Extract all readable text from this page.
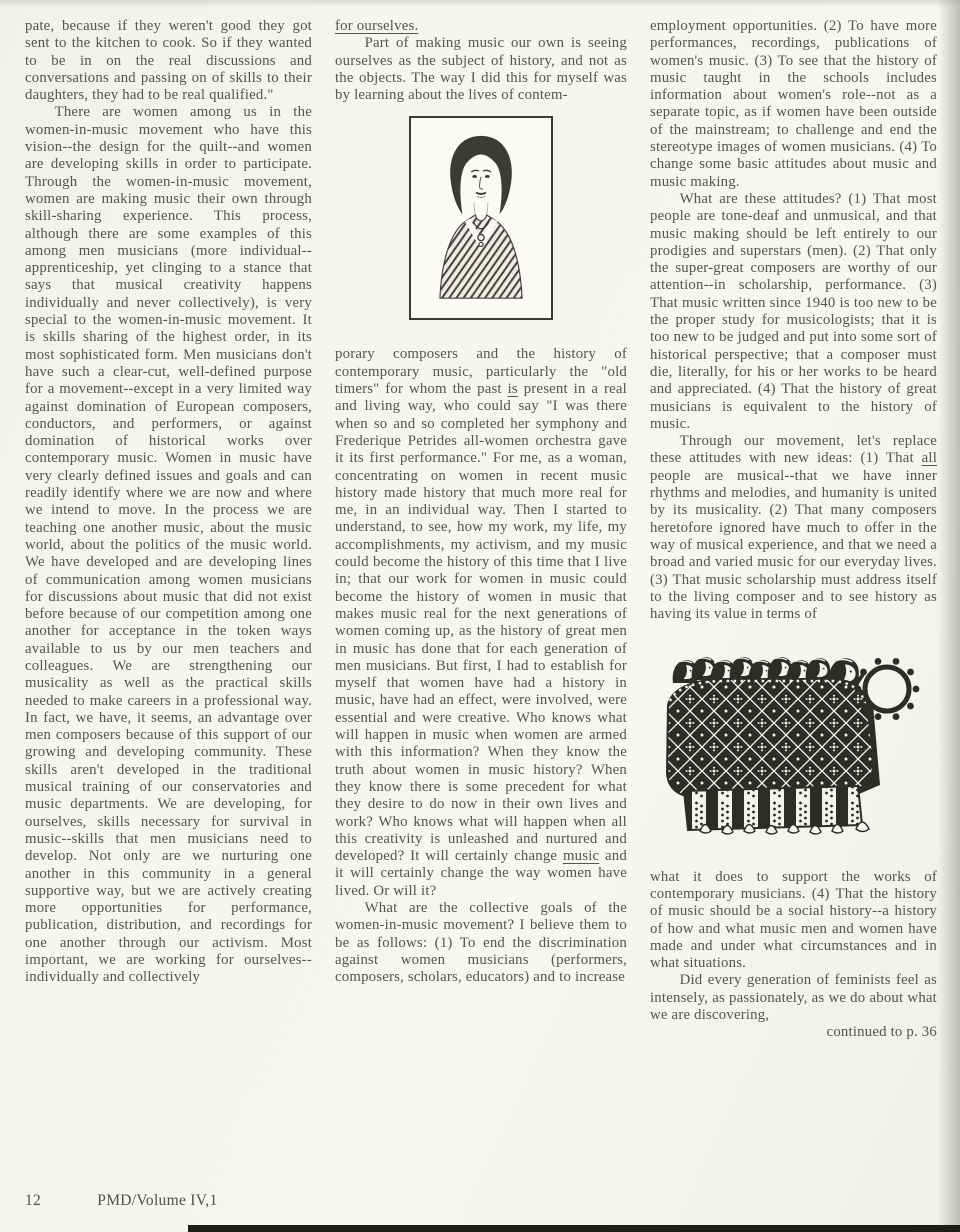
pate, because if they weren't good they got sent to the kitchen to cook. So if they wanted to be in on the real discussions and conversations and passing on of skills to their daughters, they had to be real qualified."

There are women among us in the women-in-music movement who have this vision--the design for the quilt--and women are developing skills in order to participate. Through the women-in-music movement, women are making music their own through skill-sharing experience. This process, although there are some examples of this among men musicians (more individual--apprenticeship, yet clinging to a stance that says that musical creativity happens individually and never collectively), is very special to the women-in-music movement. It is skills sharing of the highest order, in its most sophisticated form. Men musicians don't have such a clear-cut, well-defined purpose for a movement--except in a very limited way against domination of European composers, conductors, and performers, or against domination of historical works over contemporary music. Women in music have very clearly defined issues and goals and can readily identify where we are now and where we intend to move. In the process we are teaching one another music, about the music world, about the politics of the music world. We have developed and are developing lines of communication among women musicians for discussions about music that did not exist before because of our competition among one another for acceptance in the token ways available to us by our men teachers and colleagues. We are strengthening our musicality as well as the practical skills needed to make careers in a professional way. In fact, we have, it seems, an advantage over men composers because of this support of our growing and developing community. These skills aren't developed in the traditional musical training of our conservatories and music departments. We are developing, for ourselves, skills necessary for survival in music--skills that men musicians need to develop. Not only are we nurturing one another in this community in a general supportive way, but we are actively creating more opportunities for performance, publication, distribution, and recordings for one another through our activism. Most important, we are working for ourselves--individually and collectively

for ourselves.

Part of making music our own is seeing ourselves as the subject of history, and not as the objects. The way I did this for myself was by learning about the lives of contem-

porary composers and the history of contemporary music, particularly the "old timers" for whom the past is present in a real and living way, who could say "I was there when so and so completed her symphony and Frederique Petrides all-women orchestra gave it its first performance." For me, as a woman, concentrating on women in recent music history made history that much more real for me, in an individual way. Then I started to understand, to see, how my work, my life, my accomplishments, my activism, and my music could become the history of this time that I live in; that our work for women in music could become the history of women in music that makes music real for the next generations of women coming up, as the history of great men in music has done that for each generation of men musicians. But first, I had to establish for myself that women have had a history in music, have had an effect, were involved, were essential and were creative. Who knows what will happen in music when women are armed with this information? When they know the truth about women in music history? When they know there is some precedent for what they desire to do now in their own lives and work? Who knows what will happen when all this creativity is unleashed and nurtured and developed? It will certainly change music and it will certainly change the way women have lived. Or will it?

What are the collective goals of the women-in-music movement? I believe them to be as follows: (1) To end the discrimination against women musicians (performers, composers, scholars, educators) and to increase

employment opportunities. (2) To have more performances, recordings, publications of women's music. (3) To see that the history of music taught in the schools includes information about women's role--not as a separate topic, as if women have been outside of the mainstream; to challenge and end the stereotype images of women musicians. (4) To change some basic attitudes about music and music making.

What are these attitudes? (1) That most people are tone-deaf and unmusical, and that music making should be left entirely to our prodigies and superstars (men). (2) That only the super-great composers are worthy of our attention--in scholarship, performance. (3) That music written since 1940 is too new to be the proper study for musicologists; that it is too new to be judged and put into some sort of historical perspective; that a composer must die, literally, for his or her works to be heard and appreciated. (4) That the history of great musicians is equivalent to the history of music.

Through our movement, let's replace these attitudes with new ideas: (1) That all people are musical--that we have inner rhythms and melodies, and humanity is united by its musicality. (2) That many composers heretofore ignored have much to offer in the way of musical experience, and that we need a broad and varied music for our everyday lives. (3) That music scholarship must address itself to the living composer and to see history as having its value in terms of

what it does to support the works of contemporary musicians. (4) That the history of music should be a social history--a history of how and what music men and women have made and under what circumstances and in what situations.

Did every generation of feminists feel as intensely, as passionately, as we do about what we are discovering,

continued to p. 36

12	PMD/Volume IV,1
